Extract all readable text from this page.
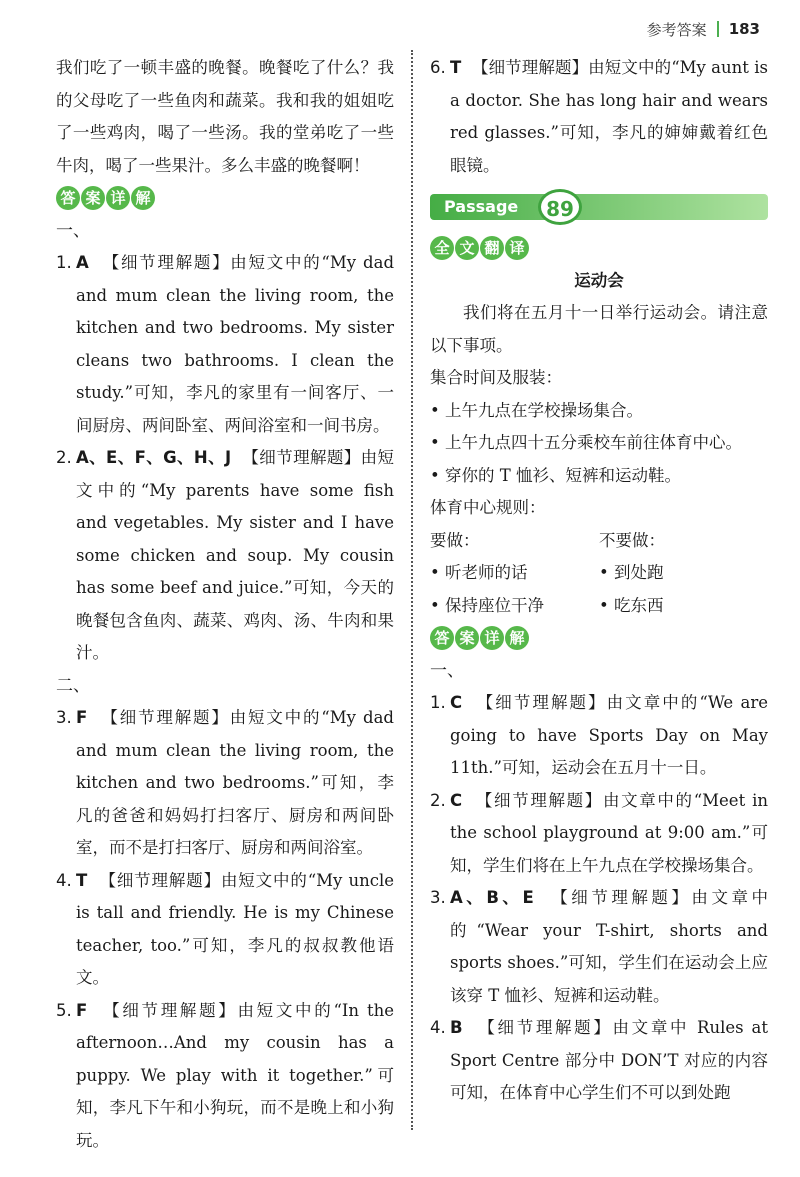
参考答案 183

我们吃了一顿丰盛的晚餐。晚餐吃了什么？我的父母吃了一些鱼肉和蔬菜。我和我的姐姐吃了一些鸡肉，喝了一些汤。我的堂弟吃了一些牛肉，喝了一些果汁。多么丰盛的晚餐啊！

答 案 详 解

一、

1. A 【细节理解题】由短文中的“My dad and mum clean the living room, the kitchen and two bedrooms. My sister cleans two bathrooms. I clean the study.”可知，李凡的家里有一间客厅、一间厨房、两间卧室、两间浴室和一间书房。
2. A、E、F、G、H、J 【细节理解题】由短文中的“My parents have some fish and vegetables. My sister and I have some chicken and soup. My cousin has some beef and juice.”可知，今天的晚餐包含鱼肉、蔬菜、鸡肉、汤、牛肉和果汁。

二、

3. F 【细节理解题】由短文中的“My dad and mum clean the living room, the kitchen and two bedrooms.”可知，李凡的爸爸和妈妈打扫客厅、厨房和两间卧室，而不是打扫客厅、厨房和两间浴室。
4. T 【细节理解题】由短文中的“My uncle is tall and friendly. He is my Chinese teacher, too.”可知，李凡的叔叔教他语文。
5. F 【细节理解题】由短文中的“In the afternoon…And my cousin has a puppy. We play with it together.”可知，李凡下午和小狗玩，而不是晚上和小狗玩。
6. T 【细节理解题】由短文中的“My aunt is a doctor. She has long hair and wears red glasses.”可知，李凡的婶婶戴着红色眼镜。
Passage	89
全 文 翻 译

运动会

我们将在五月十一日举行运动会。请注意以下事项。

集合时间及服装：

• 上午九点在学校操场集合。

• 上午九点四十五分乘校车前往体育中心。

• 穿你的 T 恤衫、短裤和运动鞋。

体育中心规则：

要做：	不要做：
• 听老师的话	• 到处跑
• 保持座位干净	• 吃东西
答 案 详 解

一、

1. C 【细节理解题】由文章中的“We are going to have Sports Day on May 11th.”可知，运动会在五月十一日。
2. C 【细节理解题】由文章中的“Meet in the school playground at 9:00 am.”可知，学生们将在上午九点在学校操场集合。
3. A、B、E 【细节理解题】由文章中的“Wear your T-shirt, shorts and sports shoes.”可知，学生们在运动会上应该穿 T 恤衫、短裤和运动鞋。
4. B 【细节理解题】由文章中 Rules at Sport Centre 部分中 DON’T 对应的内容可知，在体育中心学生们不可以到处跑
